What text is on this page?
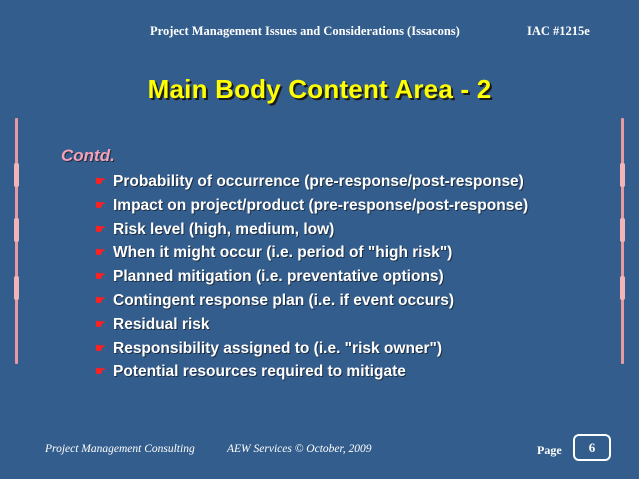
Project Management Issues and Considerations (Issacons)	IAC #1215e
Main Body Content Area - 2
Contd.
☛ Probability of occurrence (pre-response/post-response)
☛ Impact on project/product (pre-response/post-response)
☛ Risk level (high, medium, low)
☛ When it might occur (i.e. period of "high risk")
☛ Planned mitigation (i.e. preventative options)
☛ Contingent response plan (i.e. if event occurs)
☛ Residual risk
☛ Responsibility assigned to (i.e. "risk owner")
☛ Potential resources required to mitigate
Project Management Consulting	AEW Services © October, 2009	Page	6
